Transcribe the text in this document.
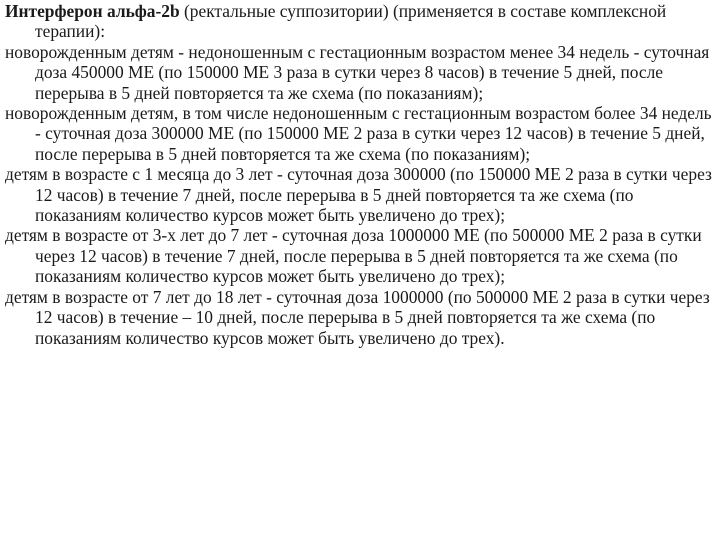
Интерферон альфа-2b (ректальные суппозитории) (применяется в составе комплексной терапии):

новорожденным детям - недоношенным с гестационным возрастом менее 34 недель - суточная доза 450000 МЕ (по 150000 МЕ 3 раза в сутки через 8 часов) в течение 5 дней, после перерыва в 5 дней повторяется та же схема (по показаниям);

новорожденным детям, в том числе недоношенным с гестационным возрастом более 34 недель - суточная доза 300000 МЕ (по 150000 МЕ 2 раза в сутки через 12 часов) в течение 5 дней, после перерыва в 5 дней повторяется та же схема (по показаниям);

детям в возрасте с 1 месяца до 3 лет - суточная доза 300000 (по 150000 МЕ 2 раза в сутки через 12 часов) в течение 7 дней, после перерыва в 5 дней повторяется та же схема (по показаниям количество курсов может быть увеличено до трех);

детям в возрасте от 3-х лет до 7 лет - суточная доза 1000000 МЕ (по 500000 МЕ 2 раза в сутки через 12 часов) в течение 7 дней, после перерыва в 5 дней повторяется та же схема (по показаниям количество курсов может быть увеличено до трех);

детям в возрасте от 7 лет до 18 лет - суточная доза 1000000 (по 500000 МЕ 2 раза в сутки через 12 часов) в течение – 10 дней, после перерыва в 5 дней повторяется та же схема (по показаниям количество курсов может быть увеличено до трех).
